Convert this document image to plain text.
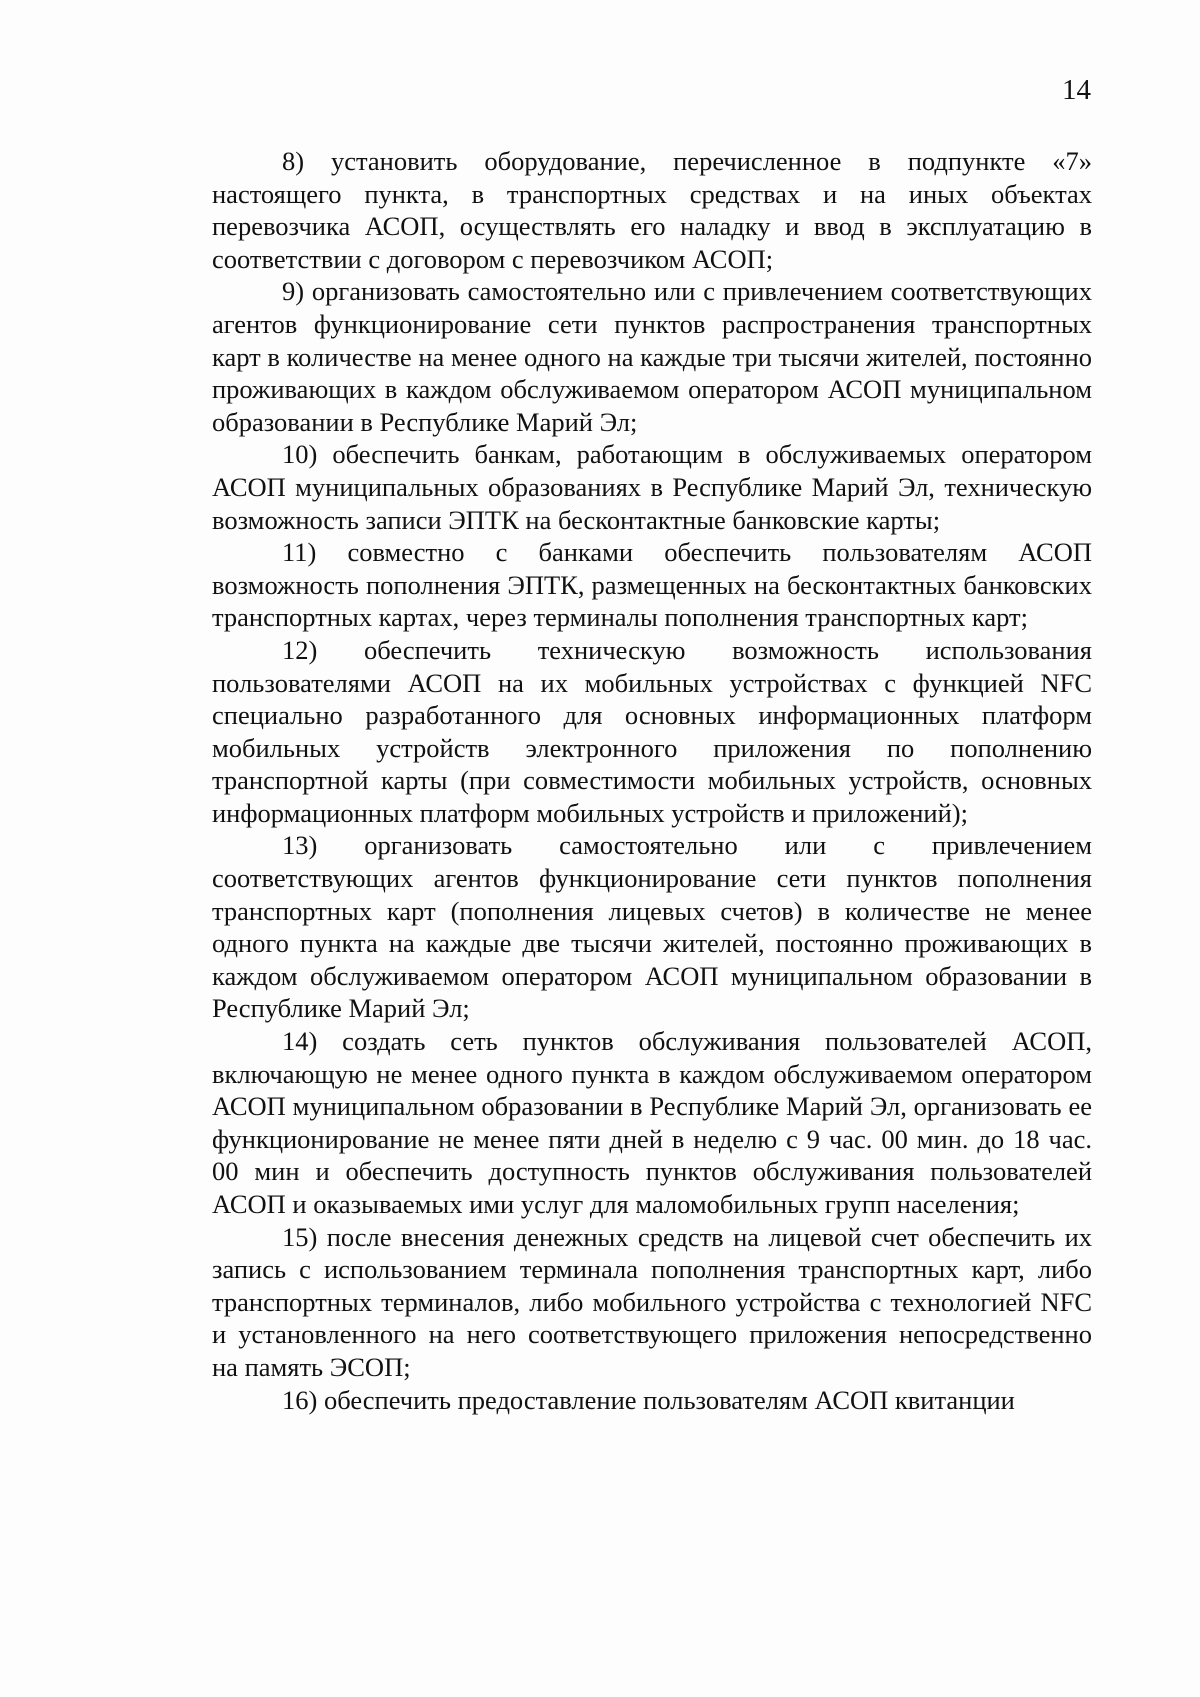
14

8) установить оборудование, перечисленное в подпункте «7» настоящего пункта, в транспортных средствах и на иных объектах перевозчика АСОП, осуществлять его наладку и ввод в эксплуатацию в соответствии с договором с перевозчиком АСОП;

9) организовать самостоятельно или с привлечением соответствующих агентов функционирование сети пунктов распространения транспортных карт в количестве на менее одного на каждые три тысячи жителей, постоянно проживающих в каждом обслуживаемом оператором АСОП муниципальном образовании в Республике Марий Эл;

10) обеспечить банкам, работающим в обслуживаемых оператором АСОП муниципальных образованиях в Республике Марий Эл, техническую возможность записи ЭПТК на бесконтактные банковские карты;

11) совместно с банками обеспечить пользователям АСОП возможность пополнения ЭПТК, размещенных на бесконтактных банковских транспортных картах, через терминалы пополнения транспортных карт;

12) обеспечить техническую возможность использования пользователями АСОП на их мобильных устройствах с функцией NFC специально разработанного для основных информационных платформ мобильных устройств электронного приложения по пополнению транспортной карты (при совместимости мобильных устройств, основных информационных платформ мобильных устройств и приложений);

13) организовать самостоятельно или с привлечением соответствующих агентов функционирование сети пунктов пополнения транспортных карт (пополнения лицевых счетов) в количестве не менее одного пункта на каждые две тысячи жителей, постоянно проживающих в каждом обслуживаемом оператором АСОП муниципальном образовании в Республике Марий Эл;

14) создать сеть пунктов обслуживания пользователей АСОП, включающую не менее одного пункта в каждом обслуживаемом оператором АСОП муниципальном образовании в Республике Марий Эл, организовать ее функционирование не менее пяти дней в неделю с 9 час. 00 мин. до 18 час. 00 мин и обеспечить доступность пунктов обслуживания пользователей АСОП и оказываемых ими услуг для маломобильных групп населения;

15) после внесения денежных средств на лицевой счет обеспечить их запись с использованием терминала пополнения транспортных карт, либо транспортных терминалов, либо мобильного устройства с технологией NFC и установленного на него соответствующего приложения непосредственно на память ЭСОП;

16) обеспечить предоставление пользователям АСОП квитанции
